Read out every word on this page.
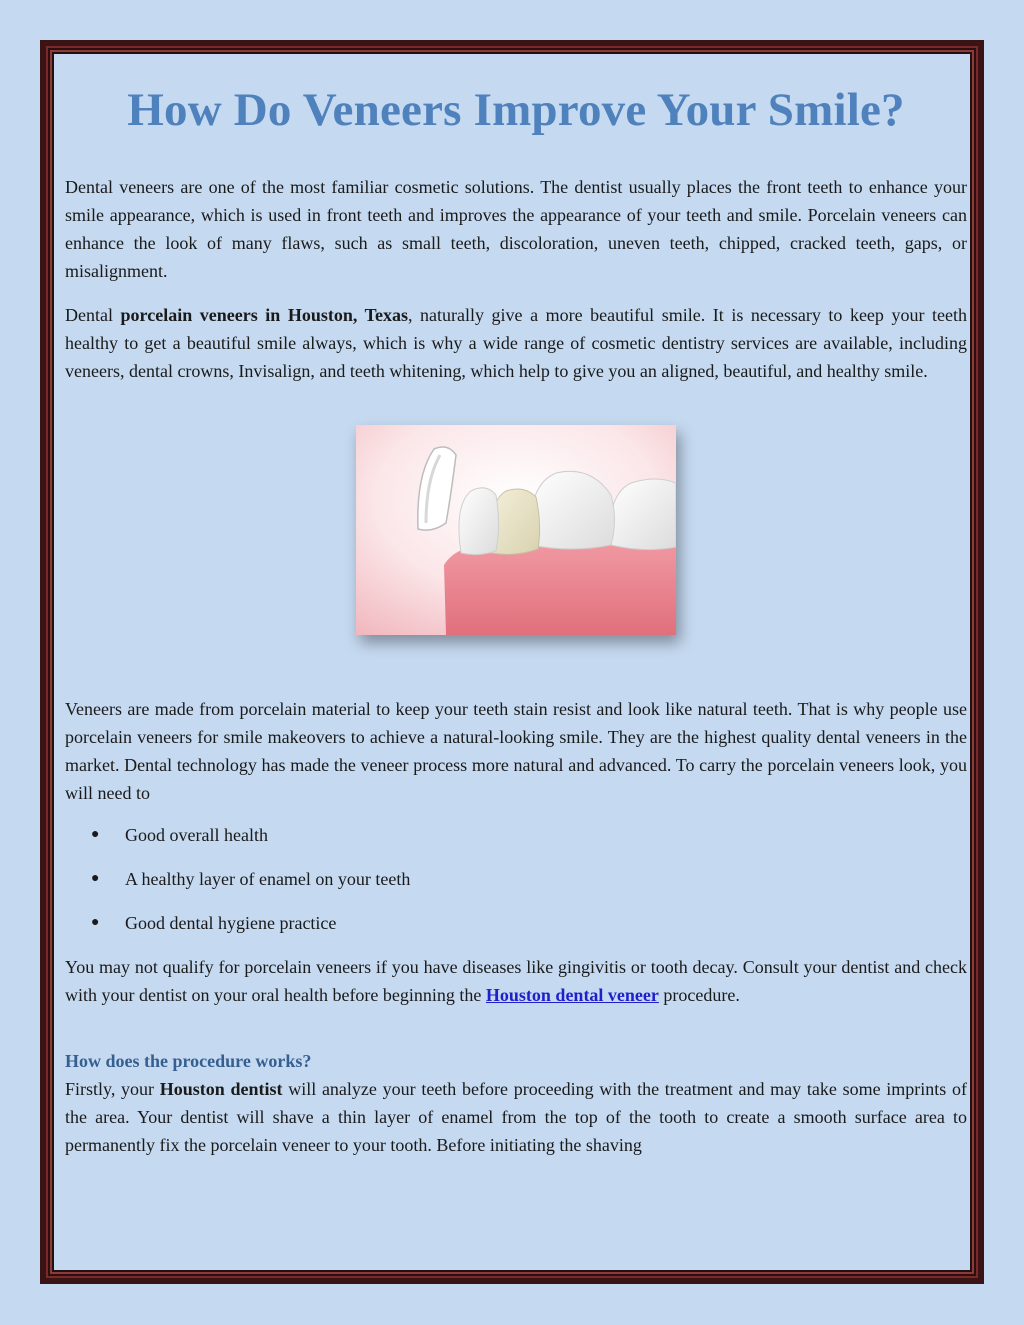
How Do Veneers Improve Your Smile?

Dental veneers are one of the most familiar cosmetic solutions. The dentist usually places the front teeth to enhance your smile appearance, which is used in front teeth and improves the appearance of your teeth and smile. Porcelain veneers can enhance the look of many flaws, such as small teeth, discoloration, uneven teeth, chipped, cracked teeth, gaps, or misalignment.

Dental porcelain veneers in Houston, Texas, naturally give a more beautiful smile. It is necessary to keep your teeth healthy to get a beautiful smile always, which is why a wide range of cosmetic dentistry services are available, including veneers, dental crowns, Invisalign, and teeth whitening, which help to give you an aligned, beautiful, and healthy smile.

Veneers are made from porcelain material to keep your teeth stain resist and look like natural teeth. That is why people use porcelain veneers for smile makeovers to achieve a natural-looking smile. They are the highest quality dental veneers in the market. Dental technology has made the veneer process more natural and advanced. To carry the porcelain veneers look, you will need to

● Good overall health
● A healthy layer of enamel on your teeth
● Good dental hygiene practice

You may not qualify for porcelain veneers if you have diseases like gingivitis or tooth decay. Consult your dentist and check with your dentist on your oral health before beginning the Houston dental veneer procedure.

How does the procedure works?

Firstly, your Houston dentist will analyze your teeth before proceeding with the treatment and may take some imprints of the area. Your dentist will shave a thin layer of enamel from the top of the tooth to create a smooth surface area to permanently fix the porcelain veneer to your tooth. Before initiating the shaving
